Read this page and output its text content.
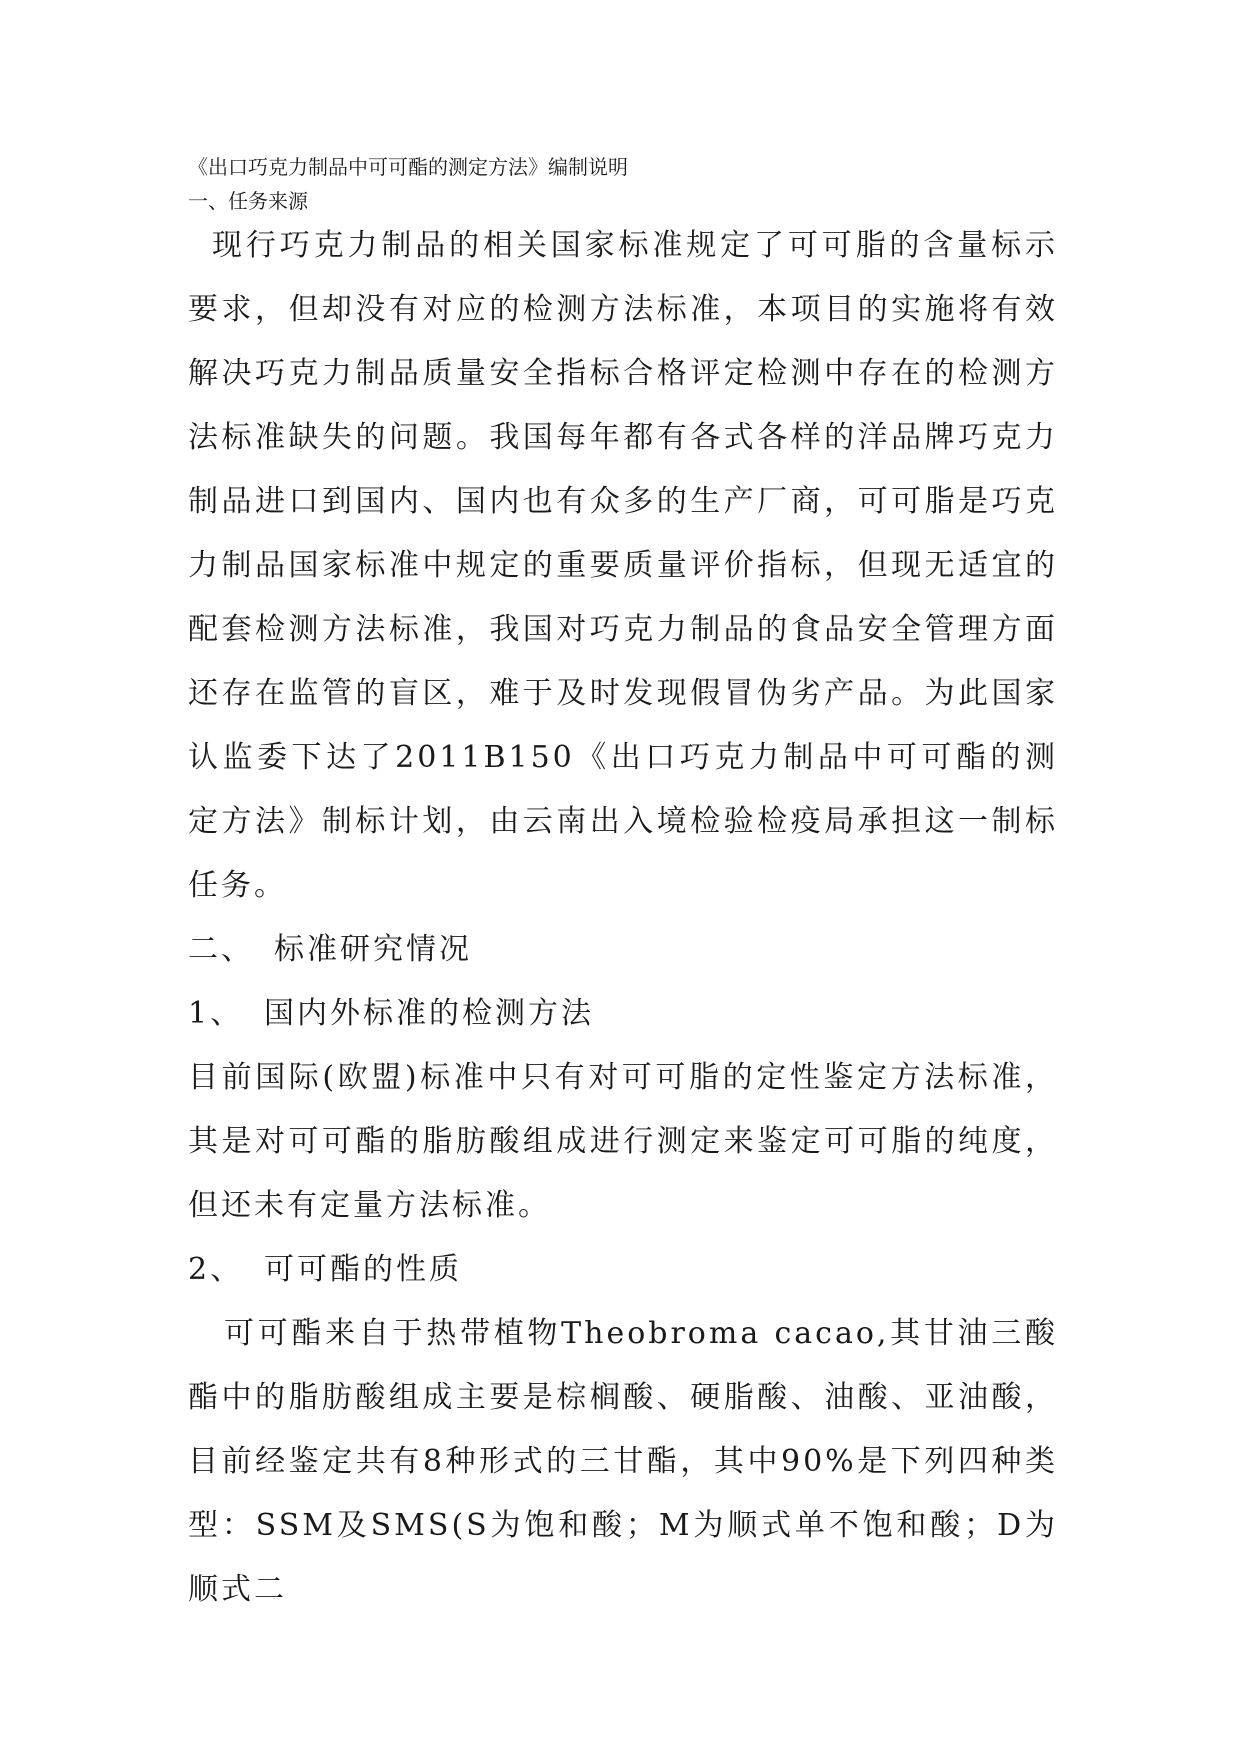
《出口巧克力制品中可可酯的测定方法》编制说明
一、任务来源

现行巧克力制品的相关国家标准规定了可可脂的含量标示要求，但却没有对应的检测方法标准，本项目的实施将有效解决巧克力制品质量安全指标合格评定检测中存在的检测方法标准缺失的问题。我国每年都有各式各样的洋品牌巧克力制品进口到国内、国内也有众多的生产厂商，可可脂是巧克力制品国家标准中规定的重要质量评价指标，但现无适宜的配套检测方法标准，我国对巧克力制品的食品安全管理方面还存在监管的盲区，难于及时发现假冒伪劣产品。为此国家认监委下达了2011B150《出口巧克力制品中可可酯的测定方法》制标计划，由云南出入境检验检疫局承担这一制标任务。

二、 标准研究情况
1、 国内外标准的检测方法

目前国际(欧盟)标准中只有对可可脂的定性鉴定方法标准，其是对可可酯的脂肪酸组成进行测定来鉴定可可脂的纯度，但还未有定量方法标准。

2、 可可酯的性质

可可酯来自于热带植物Theobroma cacao,其甘油三酸酯中的脂肪酸组成主要是棕榈酸、硬脂酸、油酸、亚油酸，目前经鉴定共有8种形式的三甘酯，其中90%是下列四种类型：SSM及SMS(S为饱和酸；M为顺式单不饱和酸；D为顺式二
